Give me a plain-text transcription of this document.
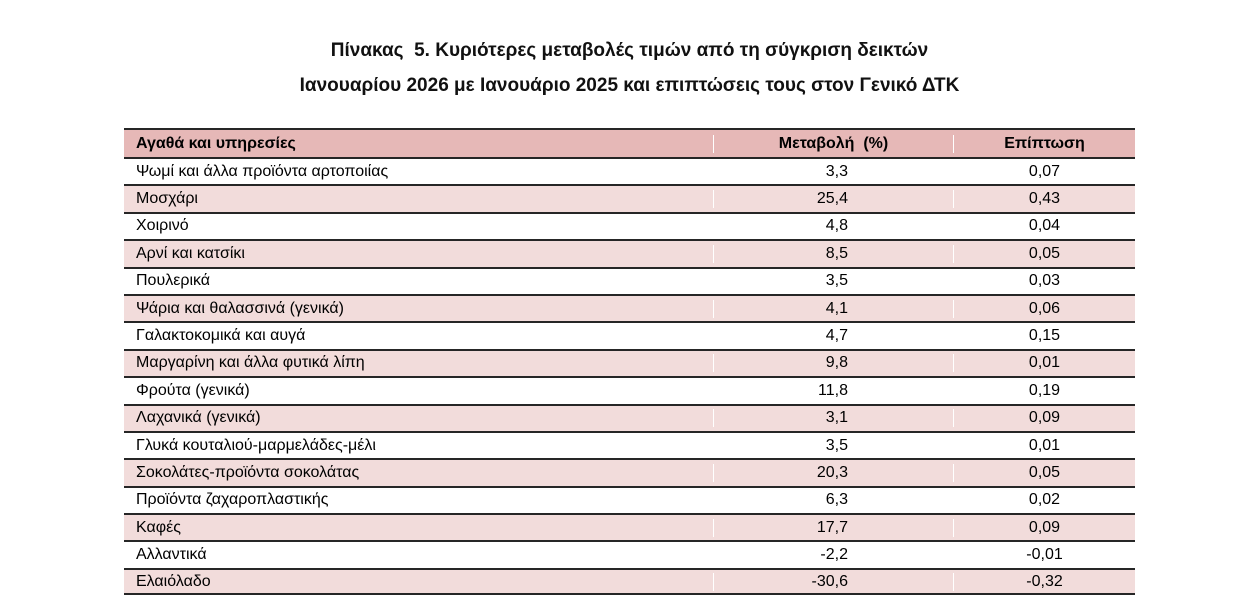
Πίνακας  5. Κυριότερες μεταβολές τιμών από τη σύγκριση δεικτών
Ιανουαρίου 2026 με Ιανουάριο 2025 και επιπτώσεις τους στον Γενικό ΔΤΚ
Αγαθά και υπηρεσίες	Μεταβολή  (%)	Επίπτωση
Ψωμί και άλλα προϊόντα αρτοποιίας	3,3	0,07
Μοσχάρι	25,4	0,43
Χοιρινό	4,8	0,04
Αρνί και κατσίκι	8,5	0,05
Πουλερικά	3,5	0,03
Ψάρια και θαλασσινά (γενικά)	4,1	0,06
Γαλακτοκομικά και αυγά	4,7	0,15
Μαργαρίνη και άλλα φυτικά λίπη	9,8	0,01
Φρούτα (γενικά)	11,8	0,19
Λαχανικά (γενικά)	3,1	0,09
Γλυκά κουταλιού-μαρμελάδες-μέλι	3,5	0,01
Σοκολάτες-προϊόντα σοκολάτας	20,3	0,05
Προϊόντα ζαχαροπλαστικής	6,3	0,02
Καφές	17,7	0,09
Αλλαντικά	-2,2	-0,01
Ελαιόλαδο	-30,6	-0,32
